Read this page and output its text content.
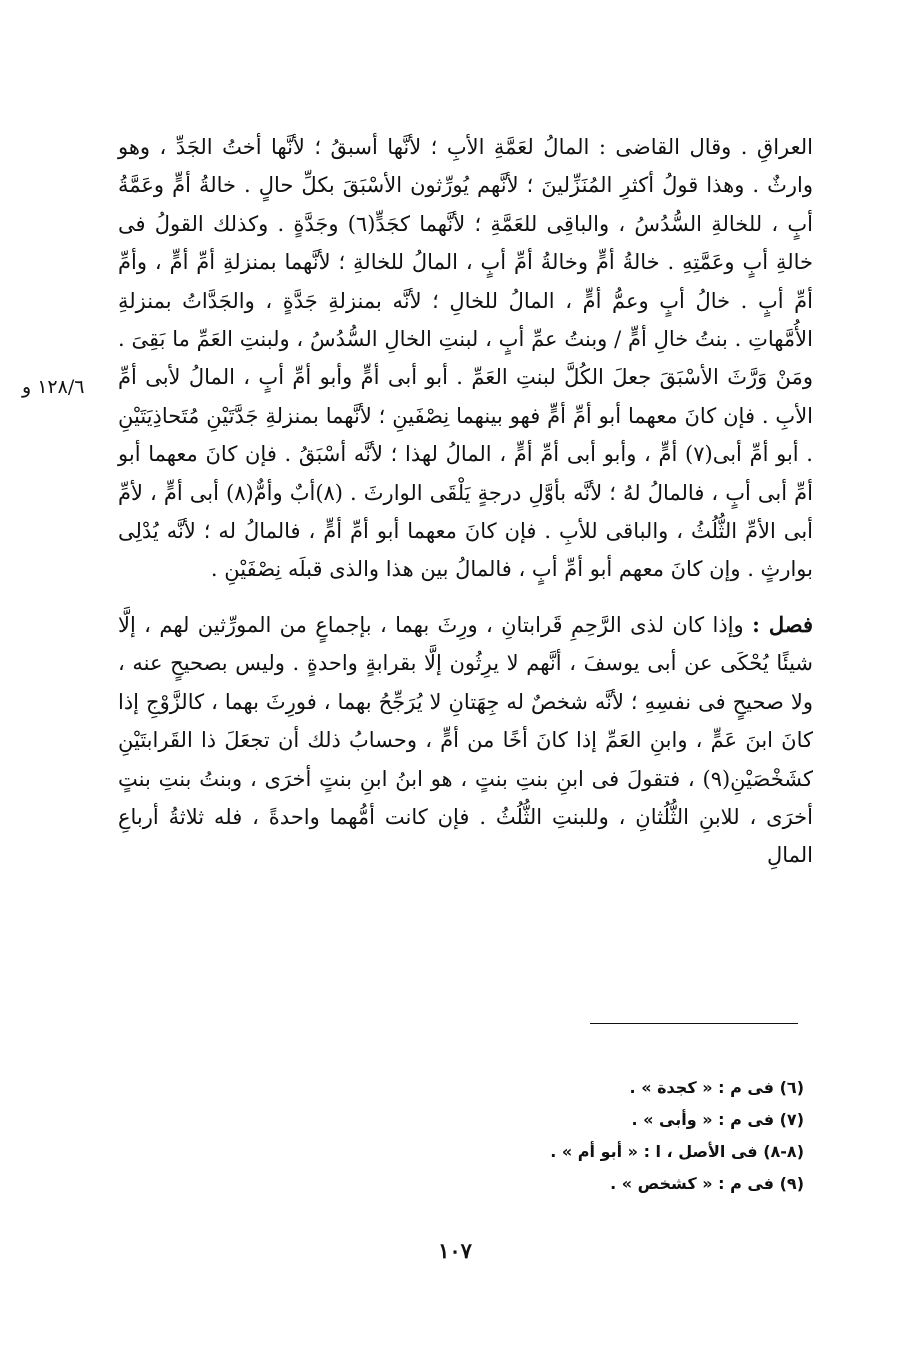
١٢٨/٦ و

العراقِ . وقال القاضى : المالُ لعَمَّةِ الأبِ ؛ لأنَّها أسبقُ ؛ لأنَّها أختُ الجَدِّ ، وهو وارثٌ . وهذا قولُ أكثرِ المُنَزِّلينَ ؛ لأنَّهم يُورِّثون الأسْبَقَ بكلِّ حالٍ . خالةُ أمٍّ وعَمَّةُ أبٍ ، للخالةِ السُّدُسُ ، والباقِى للعَمَّةِ ؛ لأنَّهما كجَدٍّ(٦) وجَدَّةٍ . وكذلك القولُ فى خالةِ أبٍ وعَمَّتِهِ . خالةُ أمٍّ وخالةُ أمِّ أبٍ ، المالُ للخالةِ ؛ لأنَّهما بمنزلةِ أمِّ أمٍّ ، وأمِّ أمِّ أبٍ . خالُ أبٍ وعمُّ أمٍّ ، المالُ للخالِ ؛ لأنَّه بمنزلةِ جَدَّةٍ ، والجَدَّاتُ بمنزلةِ الأُمَّهاتِ . بنتُ خالِ أمٍّ / وبنتُ عمِّ أبٍ ، لبنتِ الخالِ السُّدُسُ ، ولبنتِ العَمِّ ما بَقِىَ . ومَنْ وَرَّثَ الأسْبَقَ جعلَ الكُلَّ لبنتِ العَمِّ . أبو أبى أمٍّ وأبو أمِّ أبٍ ، المالُ لأبى أمِّ الأبِ . فإن كانَ معهما أبو أمِّ أمٍّ فهو بينهما نِصْفَينِ ؛ لأنَّهما بمنزلةِ جَدَّتَيْنِ مُتَحاذِيَتَيْنِ . أبو أمِّ أبى(٧) أمٍّ ، وأبو أبى أمِّ أمٍّ ، المالُ لهذا ؛ لأنَّه أسْبَقُ . فإن كانَ معهما أبو أمِّ أبى أبٍ ، فالمالُ لهُ ؛ لأنَّه بأوَّلِ درجةٍ يَلْقَى الوارثَ . (٨)أبٌ وأمٌّ(٨) أبى أمٍّ ، لأمِّ أبى الأمِّ الثُّلُثُ ، والباقى للأبِ . فإن كانَ معهما أبو أمِّ أمٍّ ، فالمالُ له ؛ لأنَّه يُدْلِى بوارثٍ . وإن كانَ معهم أبو أمِّ أبٍ ، فالمالُ بين هذا والذى قبلَه نِصْفَيْنِ .

فصل : وإذا كان لذى الرَّحِمِ قَرابتانِ ، ورِثَ بهما ، بإجماعٍ من المورِّثين لهم ، إلَّا شيئًا يُحْكَى عن أبى يوسفَ ، أنَّهم لا يرِثُون إلَّا بقرابةٍ واحدةٍ . وليس بصحيحٍ عنه ، ولا صحيحٍ فى نفسِهِ ؛ لأنَّه شخصٌ له جِهَتانِ لا يُرَجِّحُ بهما ، فورِثَ بهما ، كالزَّوْجِ إذا كانَ ابنَ عَمٍّ ، وابنِ العَمِّ إذا كانَ أخًا من أمٍّ ، وحسابُ ذلك أن تجعَلَ ذا القَرابتَيْنِ كشَخْصَيْنِ(٩) ، فتقولَ فى ابنِ بنتِ بنتٍ ، هو ابنُ ابنِ بنتٍ أخرَى ، وبنتُ بنتِ بنتٍ أخرَى ، للابنِ الثُّلُثانِ ، وللبنتِ الثُّلُثُ . فإن كانت أمُّهما واحدةً ، فله ثلاثةُ أرباعِ المالِ

(٦) فى م : « كجدة » .
(٧) فى م : « وأبى » .
(٨-٨) فى الأصل ، ا : « أبو أم » .
(٩) فى م : « كشخص » .
١٠٧
